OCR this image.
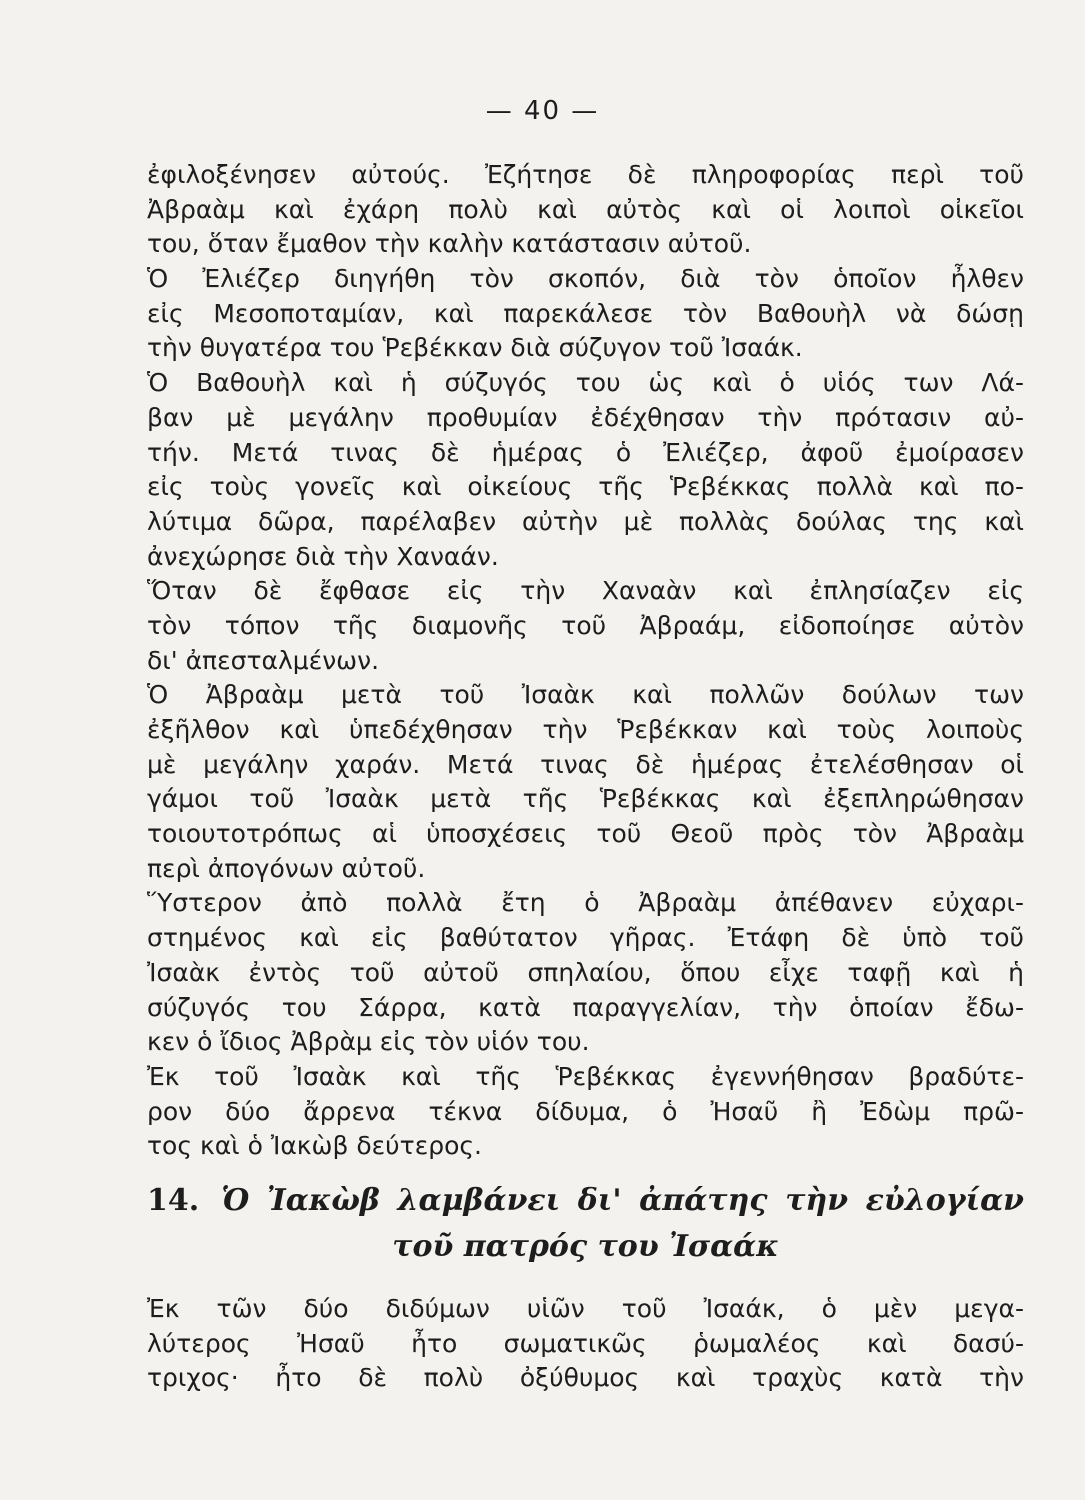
— 40 —
ἐφιλοξένησεν αὐτούς. Ἐζήτησε δὲ πληροφορίας περὶ τοῦ
Ἀβραὰμ καὶ ἐχάρη πολὺ καὶ αὐτὸς καὶ οἱ λοιποὶ οἰκεῖοι
του, ὅταν ἔμαθον τὴν καλὴν κατάστασιν αὐτοῦ.
Ὁ Ἐλιέζερ διηγήθη τὸν σκοπόν, διὰ τὸν ὁποῖον ἦλθεν
εἰς Μεσοποταμίαν, καὶ παρεκάλεσε τὸν Βαθουὴλ νὰ δώσῃ
τὴν θυγατέρα του Ῥεβέκκαν διὰ σύζυγον τοῦ Ἰσαάκ.
Ὁ Βαθουὴλ καὶ ἡ σύζυγός του ὡς καὶ ὁ υἱός των Λά-
βαν μὲ μεγάλην προθυμίαν ἐδέχθησαν τὴν πρότασιν αὐ-
τήν. Μετά τινας δὲ ἡμέρας ὁ Ἐλιέζερ, ἀφοῦ ἐμοίρασεν
εἰς τοὺς γονεῖς καὶ οἰκείους τῆς Ῥεβέκκας πολλὰ καὶ πο-
λύτιμα δῶρα, παρέλαβεν αὐτὴν μὲ πολλὰς δούλας της καὶ
ἀνεχώρησε διὰ τὴν Χαναάν.
Ὅταν δὲ ἔφθασε εἰς τὴν Χαναὰν καὶ ἐπλησίαζεν εἰς
τὸν τόπον τῆς διαμονῆς τοῦ Ἀβραάμ, εἰδοποίησε αὐτὸν
δι' ἀπεσταλμένων.
Ὁ Ἀβραὰμ μετὰ τοῦ Ἰσαὰκ καὶ πολλῶν δούλων των
ἐξῆλθον καὶ ὑπεδέχθησαν τὴν Ῥεβέκκαν καὶ τοὺς λοιποὺς
μὲ μεγάλην χαράν. Μετά τινας δὲ ἡμέρας ἐτελέσθησαν οἱ
γάμοι τοῦ Ἰσαὰκ μετὰ τῆς Ῥεβέκκας καὶ ἐξεπληρώθησαν
τοιουτοτρόπως αἱ ὑποσχέσεις τοῦ Θεοῦ πρὸς τὸν Ἀβραὰμ
περὶ ἀπογόνων αὐτοῦ.
Ὕστερον ἀπὸ πολλὰ ἔτη ὁ Ἀβραὰμ ἀπέθανεν εὐχαρι-
στημένος καὶ εἰς βαθύτατον γῆρας. Ἐτάφη δὲ ὑπὸ τοῦ
Ἰσαὰκ ἐντὸς τοῦ αὐτοῦ σπηλαίου, ὅπου εἶχε ταφῇ καὶ ἡ
σύζυγός του Σάρρα, κατὰ παραγγελίαν, τὴν ὁποίαν ἔδω-
κεν ὁ ἴδιος Ἀβρὰμ εἰς τὸν υἱόν του.
Ἐκ τοῦ Ἰσαὰκ καὶ τῆς Ῥεβέκκας ἐγεννήθησαν βραδύτε-
ρον δύο ἄρρενα τέκνα δίδυμα, ὁ Ἠσαῦ ἢ Ἐδὼμ πρῶ-
τος καὶ ὁ Ἰακὼβ δεύτερος.
14. Ὁ Ἰακὼβ λαμβάνει δι' ἀπάτης τὴν εὐλογίαν
τοῦ πατρός του Ἰσαάκ
Ἐκ τῶν δύο διδύμων υἱῶν τοῦ Ἰσαάκ, ὁ μὲν μεγα-
λύτερος Ἠσαῦ ἦτο σωματικῶς ῥωμαλέος καὶ δασύ-
τριχος· ἦτο δὲ πολὺ ὀξύθυμος καὶ τραχὺς κατὰ τὴν
